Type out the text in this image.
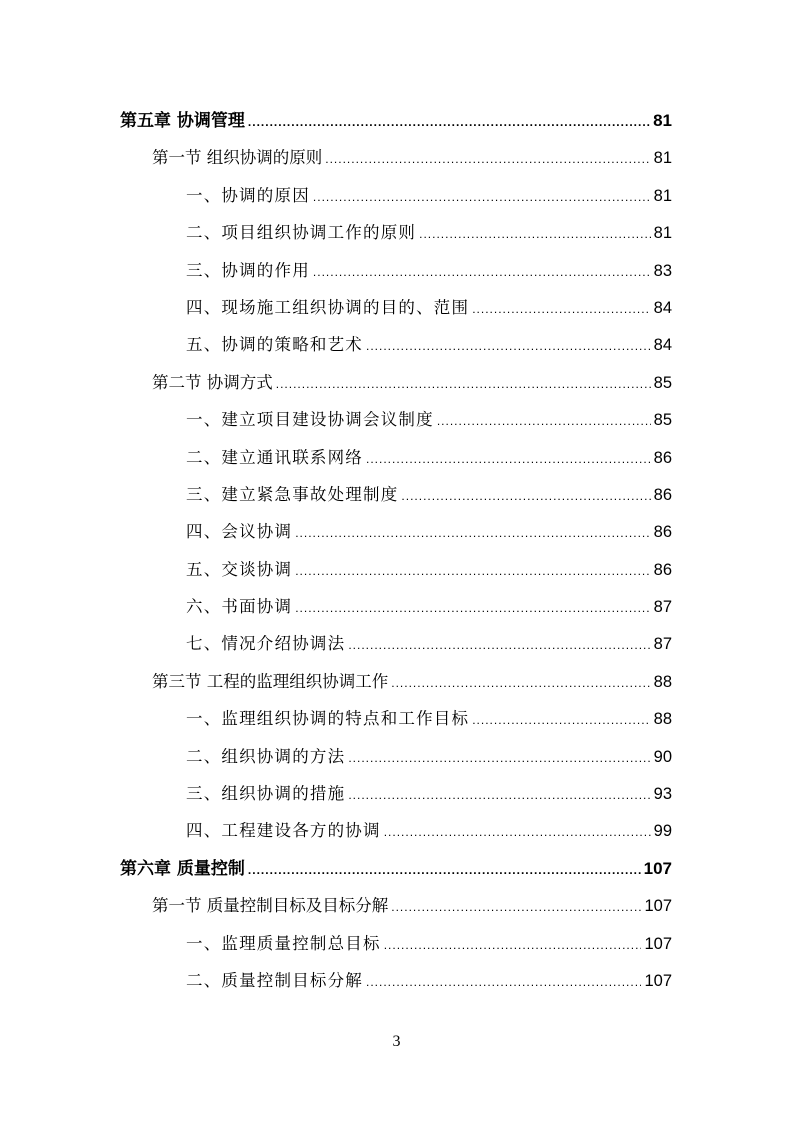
第五章 协调管理 .....	81
第一节 组织协调的原则 .....	81
一、协调的原因 .....	81
二、项目组织协调工作的原则 .....	81
三、协调的作用 .....	83
四、现场施工组织协调的目的、范围 .....	84
五、协调的策略和艺术 .....	84
第二节 协调方式 .....	85
一、建立项目建设协调会议制度 .....	85
二、建立通讯联系网络 .....	86
三、建立紧急事故处理制度 .....	86
四、会议协调 .....	86
五、交谈协调 .....	86
六、书面协调 .....	87
七、情况介绍协调法 .....	87
第三节 工程的监理组织协调工作 .....	88
一、监理组织协调的特点和工作目标 .....	88
二、组织协调的方法 .....	90
三、组织协调的措施 .....	93
四、工程建设各方的协调 .....	99
第六章 质量控制 .....	107
第一节 质量控制目标及目标分解 .....	107
一、监理质量控制总目标 .....	107
二、质量控制目标分解 .....	107
3
